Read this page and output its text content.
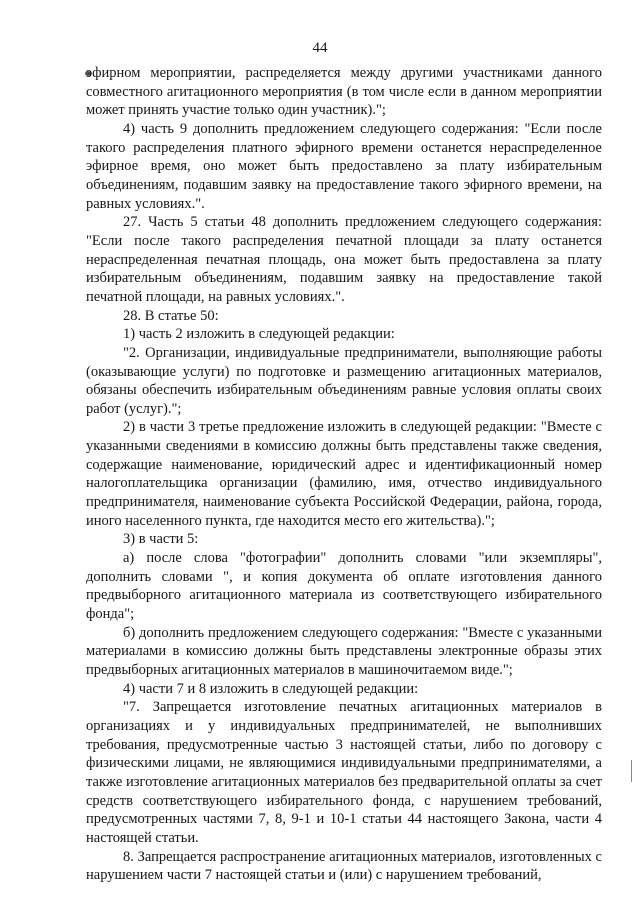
44

эфирном мероприятии, распределяется между другими участниками данного совместного агитационного мероприятия (в том числе если в данном мероприятии может принять участие только один участник).";

4) часть 9 дополнить предложением следующего содержания: "Если после такого распределения платного эфирного времени останется нераспределенное эфирное время, оно может быть предоставлено за плату избирательным объединениям, подавшим заявку на предоставление такого эфирного времени, на равных условиях.".

27. Часть 5 статьи 48 дополнить предложением следующего содержания: "Если после такого распределения печатной площади за плату останется нераспределенная печатная площадь, она может быть предоставлена за плату избирательным объединениям, подавшим заявку на предоставление такой печатной площади, на равных условиях.".

28. В статье 50:

1) часть 2 изложить в следующей редакции:

"2. Организации, индивидуальные предприниматели, выполняющие работы (оказывающие услуги) по подготовке и размещению агитационных материалов, обязаны обеспечить избирательным объединениям равные условия оплаты своих работ (услуг).";

2) в части 3 третье предложение изложить в следующей редакции: "Вместе с указанными сведениями в комиссию должны быть представлены также сведения, содержащие наименование, юридический адрес и идентификационный номер налогоплательщика организации (фамилию, имя, отчество индивидуального предпринимателя, наименование субъекта Российской Федерации, района, города, иного населенного пункта, где находится место его жительства).";

3) в части 5:

а) после слова "фотографии" дополнить словами "или экземпляры", дополнить словами ", и копия документа об оплате изготовления данного предвыборного агитационного материала из соответствующего избирательного фонда";

б) дополнить предложением следующего содержания: "Вместе с указанными материалами в комиссию должны быть представлены электронные образы этих предвыборных агитационных материалов в машиночитаемом виде.";

4) части 7 и 8 изложить в следующей редакции:

"7. Запрещается изготовление печатных агитационных материалов в организациях и у индивидуальных предпринимателей, не выполнивших требования, предусмотренные частью 3 настоящей статьи, либо по договору с физическими лицами, не являющимися индивидуальными предпринимателями, а также изготовление агитационных материалов без предварительной оплаты за счет средств соответствующего избирательного фонда, с нарушением требований, предусмотренных частями 7, 8, 9-1 и 10-1 статьи 44 настоящего Закона, части 4 настоящей статьи.

8. Запрещается распространение агитационных материалов, изготовленных с нарушением части 7 настоящей статьи и (или) с нарушением требований,
